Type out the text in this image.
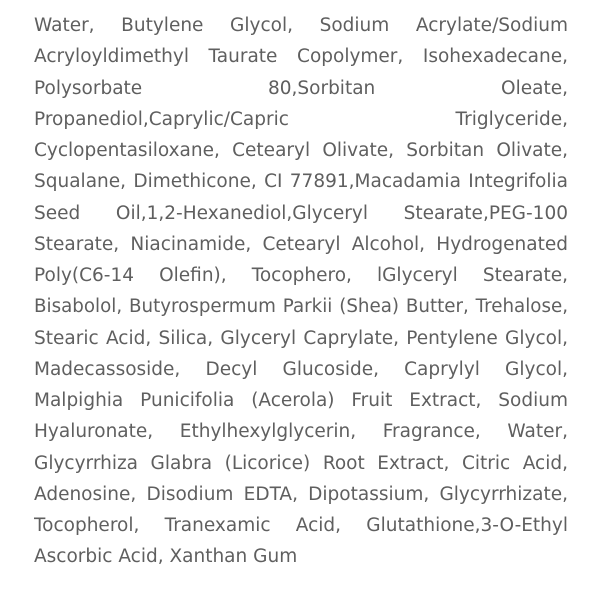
Water, Butylene Glycol, Sodium Acrylate/Sodium
Acryloyldimethyl Taurate Copolymer, Isohexadecane,
Polysorbate 80,Sorbitan Oleate,
Propanediol,Caprylic/Capric Triglyceride,
Cyclopentasiloxane, Cetearyl Olivate, Sorbitan Olivate,
Squalane, Dimethicone, CI 77891,Macadamia Integrifolia
Seed Oil,1,2-Hexanediol,Glyceryl Stearate,PEG-100
Stearate, Niacinamide, Cetearyl Alcohol, Hydrogenated
Poly(C6-14 Olefin), Tocophero, lGlyceryl Stearate,
Bisabolol, Butyrospermum Parkii (Shea) Butter, Trehalose,
Stearic Acid, Silica, Glyceryl Caprylate, Pentylene Glycol,
Madecassoside, Decyl Glucoside, Caprylyl Glycol,
Malpighia Punicifolia (Acerola) Fruit Extract, Sodium
Hyaluronate, Ethylhexylglycerin, Fragrance, Water,
Glycyrrhiza Glabra (Licorice) Root Extract, Citric Acid,
Adenosine, Disodium EDTA, Dipotassium, Glycyrrhizate,
Tocopherol, Tranexamic Acid, Glutathione,3-O-Ethyl
Ascorbic Acid, Xanthan Gum
